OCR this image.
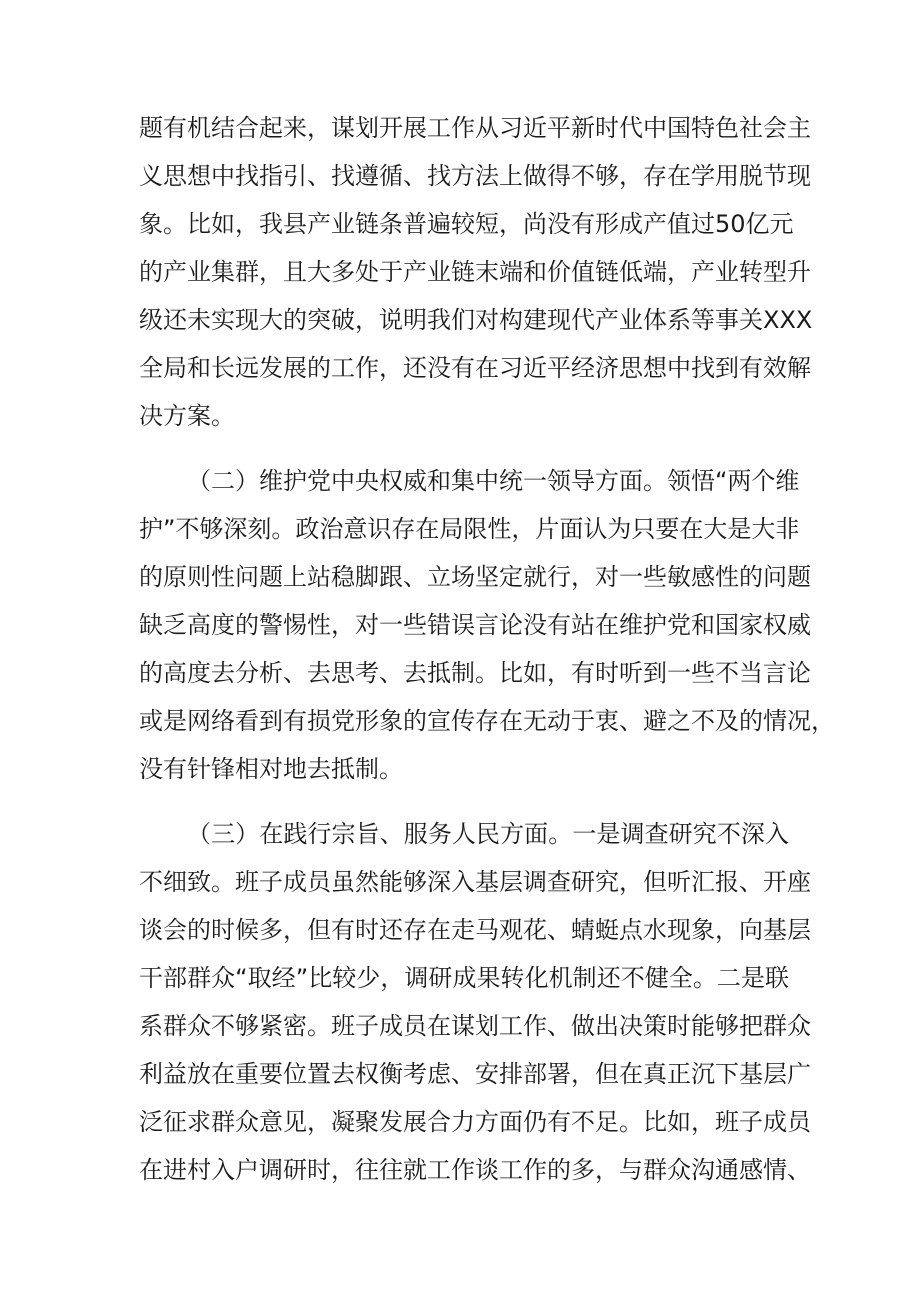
题有机结合起来，谋划开展工作从习近平新时代中国特色社会主
义思想中找指引、找遵循、找方法上做得不够，存在学用脱节现
象。比如，我县产业链条普遍较短，尚没有形成产值过50亿元
的产业集群，且大多处于产业链末端和价值链低端，产业转型升
级还未实现大的突破，说明我们对构建现代产业体系等事关XXX
全局和长远发展的工作，还没有在习近平经济思想中找到有效解
决方案。
（二）维护党中央权威和集中统一领导方面。领悟“两个维
护”不够深刻。政治意识存在局限性，片面认为只要在大是大非
的原则性问题上站稳脚跟、立场坚定就行，对一些敏感性的问题
缺乏高度的警惕性，对一些错误言论没有站在维护党和国家权威
的高度去分析、去思考、去抵制。比如，有时听到一些不当言论
或是网络看到有损党形象的宣传存在无动于衷、避之不及的情况，
没有针锋相对地去抵制。
（三）在践行宗旨、服务人民方面。一是调查研究不深入
不细致。班子成员虽然能够深入基层调查研究，但听汇报、开座
谈会的时候多，但有时还存在走马观花、蜻蜓点水现象，向基层
干部群众“取经”比较少，调研成果转化机制还不健全。二是联
系群众不够紧密。班子成员在谋划工作、做出决策时能够把群众
利益放在重要位置去权衡考虑、安排部署，但在真正沉下基层广
泛征求群众意见，凝聚发展合力方面仍有不足。比如，班子成员
在进村入户调研时，往往就工作谈工作的多，与群众沟通感情、
